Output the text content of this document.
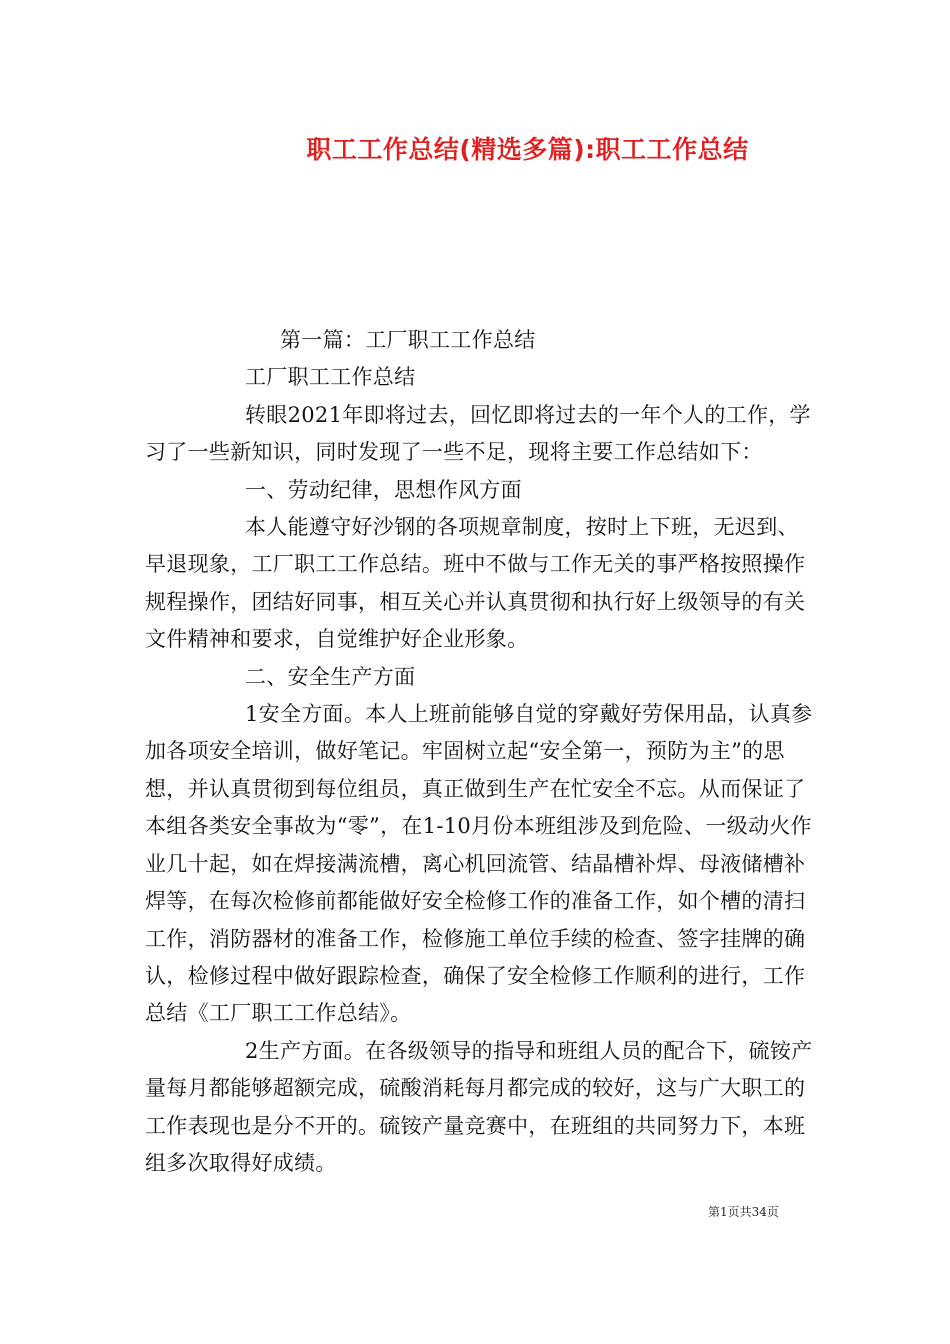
职工工作总结(精选多篇):职工工作总结

第一篇：工厂职工工作总结

工厂职工工作总结

转眼2021年即将过去，回忆即将过去的一年个人的工作，学习了一些新知识，同时发现了一些不足，现将主要工作总结如下：

一、劳动纪律，思想作风方面

本人能遵守好沙钢的各项规章制度，按时上下班，无迟到、早退现象，工厂职工工作总结。班中不做与工作无关的事严格按照操作规程操作，团结好同事，相互关心并认真贯彻和执行好上级领导的有关文件精神和要求，自觉维护好企业形象。

二、安全生产方面

1安全方面。本人上班前能够自觉的穿戴好劳保用品，认真参加各项安全培训，做好笔记。牢固树立起“安全第一，预防为主”的思想，并认真贯彻到每位组员，真正做到生产在忙安全不忘。从而保证了本组各类安全事故为“零”，在1-10月份本班组涉及到危险、一级动火作业几十起，如在焊接满流槽，离心机回流管、结晶槽补焊、母液储槽补焊等，在每次检修前都能做好安全检修工作的准备工作，如个槽的清扫工作，消防器材的准备工作，检修施工单位手续的检查、签字挂牌的确认，检修过程中做好跟踪检查，确保了安全检修工作顺利的进行，工作总结《工厂职工工作总结》。

2生产方面。在各级领导的指导和班组人员的配合下，硫铵产量每月都能够超额完成，硫酸消耗每月都完成的较好，这与广大职工的工作表现也是分不开的。硫铵产量竞赛中，在班组的共同努力下，本班组多次取得好成绩。

第1页共34页
